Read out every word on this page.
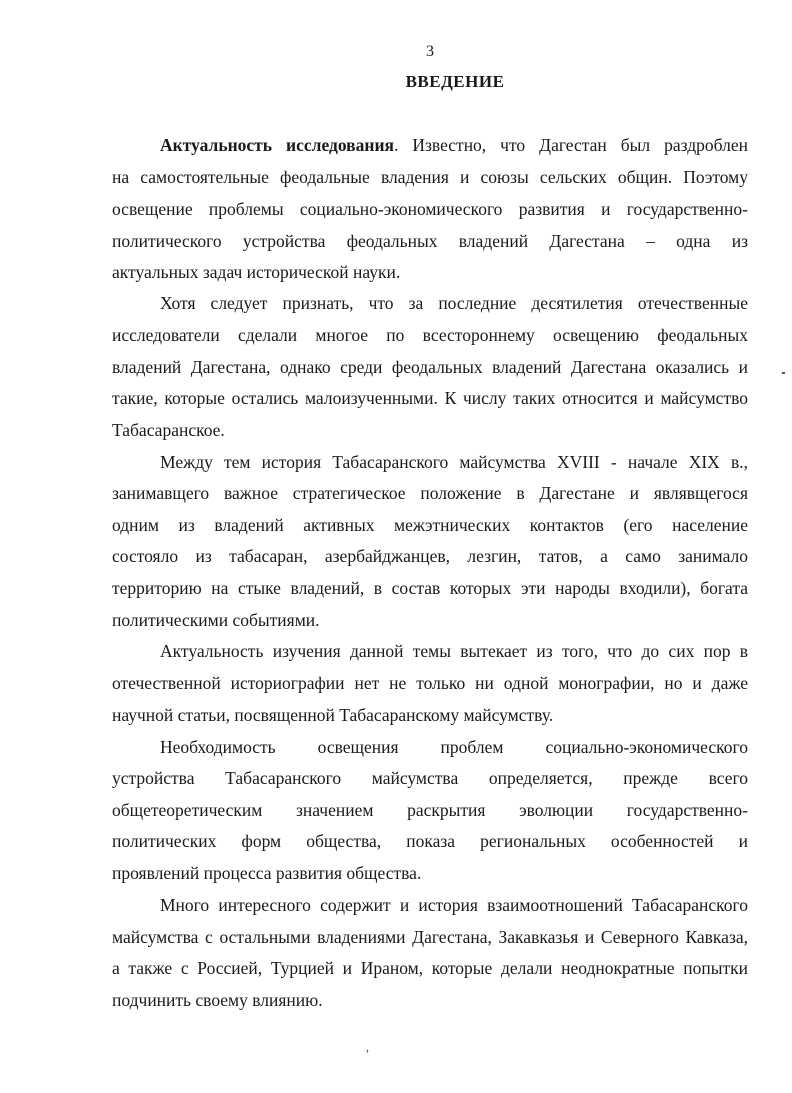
3
ВВЕДЕНИЕ
Актуальность исследования. Известно, что Дагестан был раздроблен
на самостоятельные феодальные владения и союзы сельских общин. Поэтому
освещение проблемы социально-экономического развития и государственно-
политического устройства феодальных владений Дагестана – одна из
актуальных задач исторической науки.
Хотя следует признать, что за последние десятилетия отечественные
исследователи сделали многое по всестороннему освещению феодальных
владений Дагестана, однако среди феодальных владений Дагестана оказались и
такие, которые остались малоизученными. К числу таких относится и майсумство
Табасаранское.
Между тем история Табасаранского майсумства XVIII - начале XIX в.,
занимавщего важное стратегическое положение в Дагестане и являвщегося
одним из владений активных межэтнических контактов (его население
состояло из табасаран, азербайджанцев, лезгин, татов, а само занимало
территорию на стыке владений, в состав которых эти народы входили), богата
политическими событиями.
Актуальность изучения данной темы вытекает из того, что до сих пор в
отечественной историографии нет не только ни одной монографии, но и даже
научной статьи, посвященной Табасаранскому майсумству.
Необходимость освещения проблем социально-экономического
устройства Табасаранского майсумства определяется, прежде всего
общетеоретическим значением раскрытия эволюции государственно-
политических форм общества, показа региональных особенностей и
проявлений процесса развития общества.
Много интересного содержит и история взаимоотношений Табасаранского
майсумства с остальными владениями Дагестана, Закавказья и Северного Кавказа,
а также с Россией, Турцией и Ираном, которые делали неоднократные попытки
подчинить своему влиянию.
,
